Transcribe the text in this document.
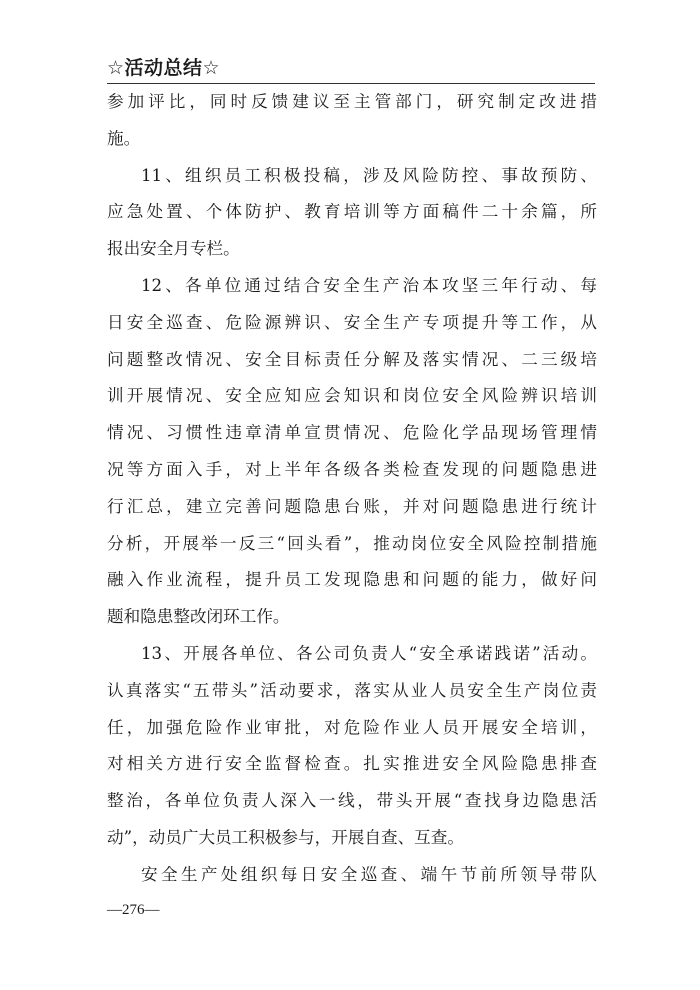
☆活动总结☆
参加评比，同时反馈建议至主管部门，研究制定改进措
施。
11、组织员工积极投稿，涉及风险防控、事故预防、
应急处置、个体防护、教育培训等方面稿件二十余篇，所
报出安全月专栏。
12、各单位通过结合安全生产治本攻坚三年行动、每
日安全巡查、危险源辨识、安全生产专项提升等工作，从
问题整改情况、安全目标责任分解及落实情况、二三级培
训开展情况、安全应知应会知识和岗位安全风险辨识培训
情况、习惯性违章清单宣贯情况、危险化学品现场管理情
况等方面入手，对上半年各级各类检查发现的问题隐患进
行汇总，建立完善问题隐患台账，并对问题隐患进行统计
分析，开展举一反三“回头看”，推动岗位安全风险控制措施
融入作业流程，提升员工发现隐患和问题的能力，做好问
题和隐患整改闭环工作。
13、开展各单位、各公司负责人“安全承诺践诺”活动。
认真落实“五带头”活动要求，落实从业人员安全生产岗位责
任，加强危险作业审批，对危险作业人员开展安全培训，
对相关方进行安全监督检查。扎实推进安全风险隐患排查
整治，各单位负责人深入一线，带头开展“查找身边隐患活
动”，动员广大员工积极参与，开展自查、互查。
安全生产处组织每日安全巡查、端午节前所领导带队
—276—
